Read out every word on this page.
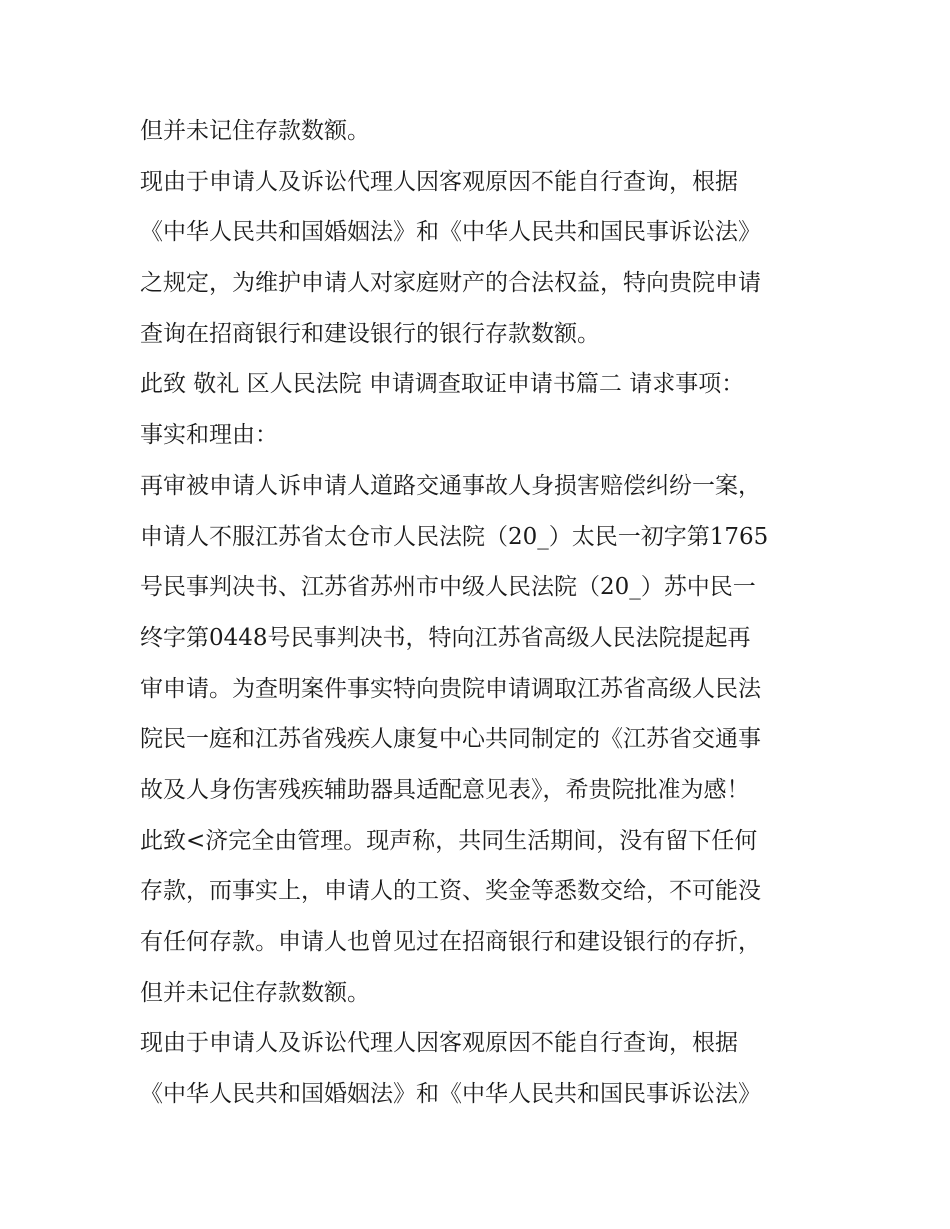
但并未记住存款数额。
现由于申请人及诉讼代理人因客观原因不能自行查询，根据
《中华人民共和国婚姻法》和《中华人民共和国民事诉讼法》
之规定，为维护申请人对家庭财产的合法权益，特向贵院申请
查询在招商银行和建设银行的银行存款数额。
此致 敬礼 区人民法院 申请调查取证申请书篇二 请求事项：
事实和理由：
再审被申请人诉申请人道路交通事故人身损害赔偿纠纷一案，
申请人不服江苏省太仓市人民法院（20_）太民一初字第1765
号民事判决书、江苏省苏州市中级人民法院（20_）苏中民一
终字第0448号民事判决书，特向江苏省高级人民法院提起再
审申请。为查明案件事实特向贵院申请调取江苏省高级人民法
院民一庭和江苏省残疾人康复中心共同制定的《江苏省交通事
故及人身伤害残疾辅助器具适配意见表》，希贵院批准为感！
此致<济完全由管理。现声称，共同生活期间，没有留下任何
存款，而事实上，申请人的工资、奖金等悉数交给，不可能没
有任何存款。申请人也曾见过在招商银行和建设银行的存折，
但并未记住存款数额。
现由于申请人及诉讼代理人因客观原因不能自行查询，根据
《中华人民共和国婚姻法》和《中华人民共和国民事诉讼法》
